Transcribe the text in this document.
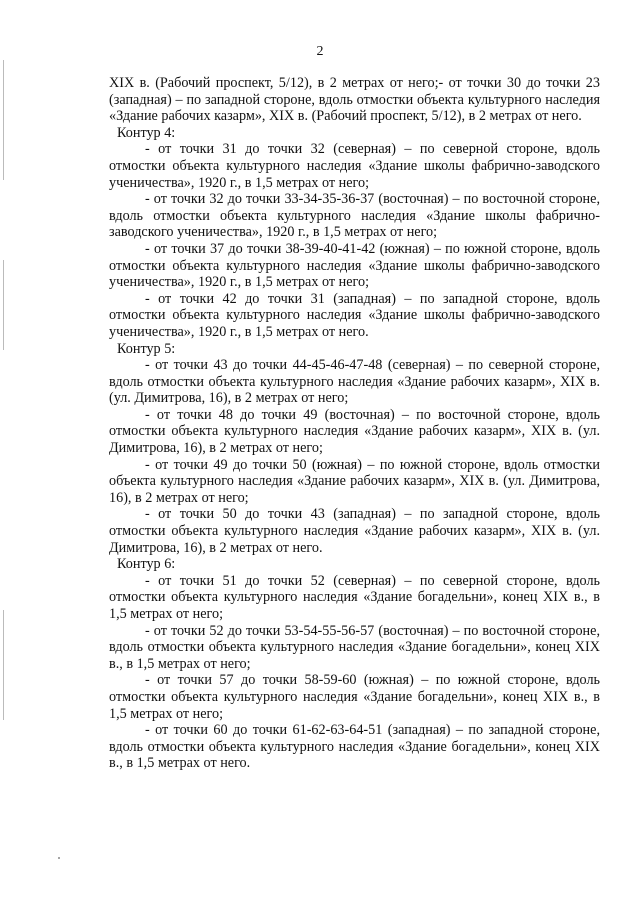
2

XIX в. (Рабочий проспект, 5/12), в 2 метрах от него;- от точки 30 до точки 23 (западная) – по западной стороне, вдоль отмостки объекта культурного наследия «Здание рабочих казарм», XIX в. (Рабочий проспект, 5/12), в 2 метрах от него.

Контур 4:

- от точки 31 до точки 32 (северная) – по северной стороне, вдоль отмостки объекта культурного наследия «Здание школы фабрично-заводского ученичества», 1920 г., в 1,5 метрах от него;

- от точки 32 до точки 33-34-35-36-37 (восточная) – по восточной стороне, вдоль отмостки объекта культурного наследия «Здание школы фабрично-заводского ученичества», 1920 г., в 1,5 метрах от него;

- от точки 37 до точки 38-39-40-41-42 (южная) – по южной стороне, вдоль отмостки объекта культурного наследия «Здание школы фабрично-заводского ученичества», 1920 г., в 1,5 метрах от него;

- от точки 42 до точки 31 (западная) – по западной стороне, вдоль отмостки объекта культурного наследия «Здание школы фабрично-заводского ученичества», 1920 г., в 1,5 метрах от него.

Контур 5:

- от точки 43 до точки 44-45-46-47-48 (северная) – по северной стороне, вдоль отмостки объекта культурного наследия «Здание рабочих казарм», XIX в. (ул. Димитрова, 16), в 2 метрах от него;

- от точки 48 до точки 49 (восточная) – по восточной стороне, вдоль отмостки объекта культурного наследия «Здание рабочих казарм», XIX в. (ул. Димитрова, 16), в 2 метрах от него;

- от точки 49 до точки 50 (южная) – по южной стороне, вдоль отмостки объекта культурного наследия «Здание рабочих казарм», XIX в. (ул. Димитрова, 16), в 2 метрах от него;

- от точки 50 до точки 43 (западная) – по западной стороне, вдоль отмостки объекта культурного наследия «Здание рабочих казарм», XIX в. (ул. Димитрова, 16), в 2 метрах от него.

Контур 6:

- от точки 51 до точки 52 (северная) – по северной стороне, вдоль отмостки объекта культурного наследия «Здание богадельни», конец XIX в., в 1,5 метрах от него;

- от точки 52 до точки 53-54-55-56-57 (восточная) – по восточной стороне, вдоль отмостки объекта культурного наследия «Здание богадельни», конец XIX в., в 1,5 метрах от него;

- от точки 57 до точки 58-59-60 (южная) – по южной стороне, вдоль отмостки объекта культурного наследия «Здание богадельни», конец XIX в., в 1,5 метрах от него;

- от точки 60 до точки 61-62-63-64-51 (западная) – по западной стороне, вдоль отмостки объекта культурного наследия «Здание богадельни», конец XIX в., в 1,5 метрах от него.
